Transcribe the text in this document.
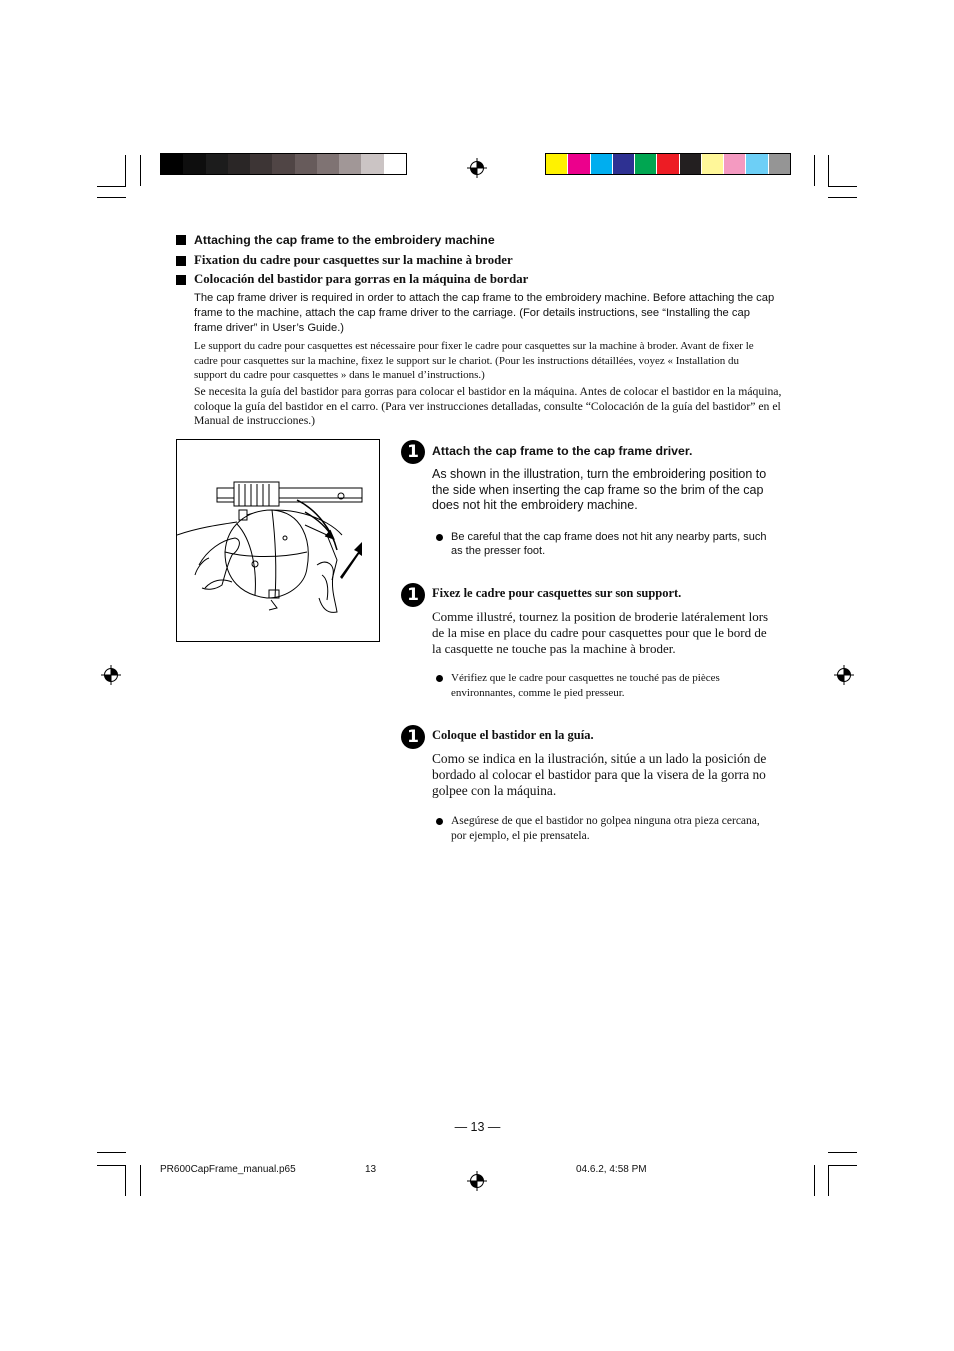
Attaching the cap frame to the embroidery machine
Fixation du cadre pour casquettes sur la machine à broder
Colocación del bastidor para gorras en la máquina de bordar
The cap frame driver is required in order to attach the cap frame to the embroidery machine. Before attaching the cap frame to the machine, attach the cap frame driver to the carriage. (For details instructions, see “Installing the cap frame driver” in User’s Guide.)
Le support du cadre pour casquettes est nécessaire pour fixer le cadre pour casquettes sur la machine à broder. Avant de fixer le cadre pour casquettes sur la machine, fixez le support sur le chariot. (Pour les instructions détaillées, voyez « Installation du support du cadre pour casquettes » dans le manuel d’instructions.)
Se necesita la guía del bastidor para gorras para colocar el bastidor en la máquina. Antes de colocar el bastidor en la máquina, coloque la guía del bastidor en el carro. (Para ver instrucciones detalladas, consulte “Colocación de la guía del bastidor” en el Manual de instrucciones.)
1	Attach the cap frame to the cap frame driver.
As shown in the illustration, turn the embroidering position to the side when inserting the cap frame so the brim of the cap does not hit the embroidery machine.
Be careful that the cap frame does not hit any nearby parts, such as the presser foot.
1	Fixez le cadre pour casquettes sur son support.
Comme illustré, tournez la position de broderie latéralement lors de la mise en place du cadre pour casquettes pour que le bord de la casquette ne touche pas la machine à broder.
Vérifiez que le cadre pour casquettes ne touché pas de pièces environnantes, comme le pied presseur.
1	Coloque el bastidor en la guía.
Como se indica en la ilustración, sitúe a un lado la posición de bordado al colocar el bastidor para que la visera de la gorra no golpee con la máquina.
Asegúrese de que el bastidor no golpea ninguna otra pieza cercana, por ejemplo, el pie prensatela.
— 13 —
PR600CapFrame_manual.p65	13	04.6.2, 4:58 PM
